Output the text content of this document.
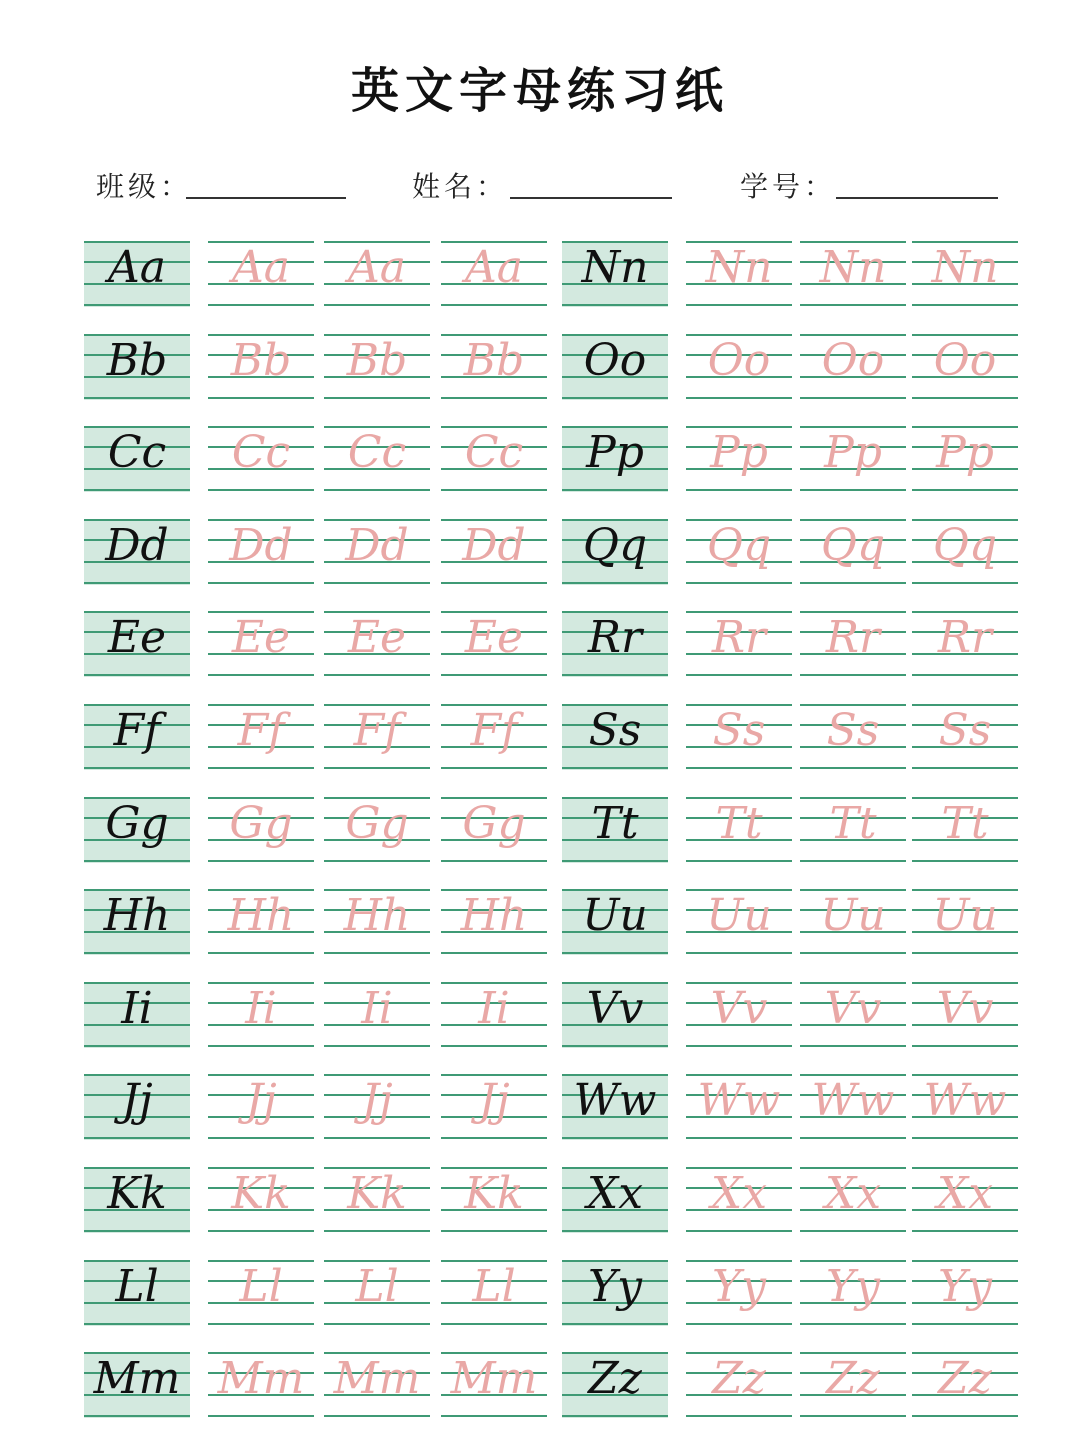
英文字母练习纸
班级：	姓名：	学号：
Aa	Aa	Aa	Aa
Bb	Bb	Bb	Bb
Cc	Cc	Cc	Cc
Dd	Dd	Dd	Dd
Ee	Ee	Ee	Ee
Ff	Ff	Ff	Ff
Gg	Gg	Gg	Gg
Hh	Hh	Hh	Hh
Ii	Ii	Ii	Ii
Jj	Jj	Jj	Jj
Kk	Kk	Kk	Kk
Ll	Ll	Ll	Ll
Mm Mm Mm Mm
Nn	Nn	Nn	Nn
Oo	Oo	Oo	Oo
Pp	Pp	Pp	Pp
Qq	Qq	Qq	Qq
Rr	Rr	Rr	Rr
Ss	Ss	Ss	Ss
Tt	Tt	Tt	Tt
Uu	Uu	Uu	Uu
Vv	Vv	Vv	Vv
Ww Ww Ww Ww
Xx	Xx	Xx	Xx
Yy	Yy	Yy	Yy
Zz	Zz	Zz	Zz
